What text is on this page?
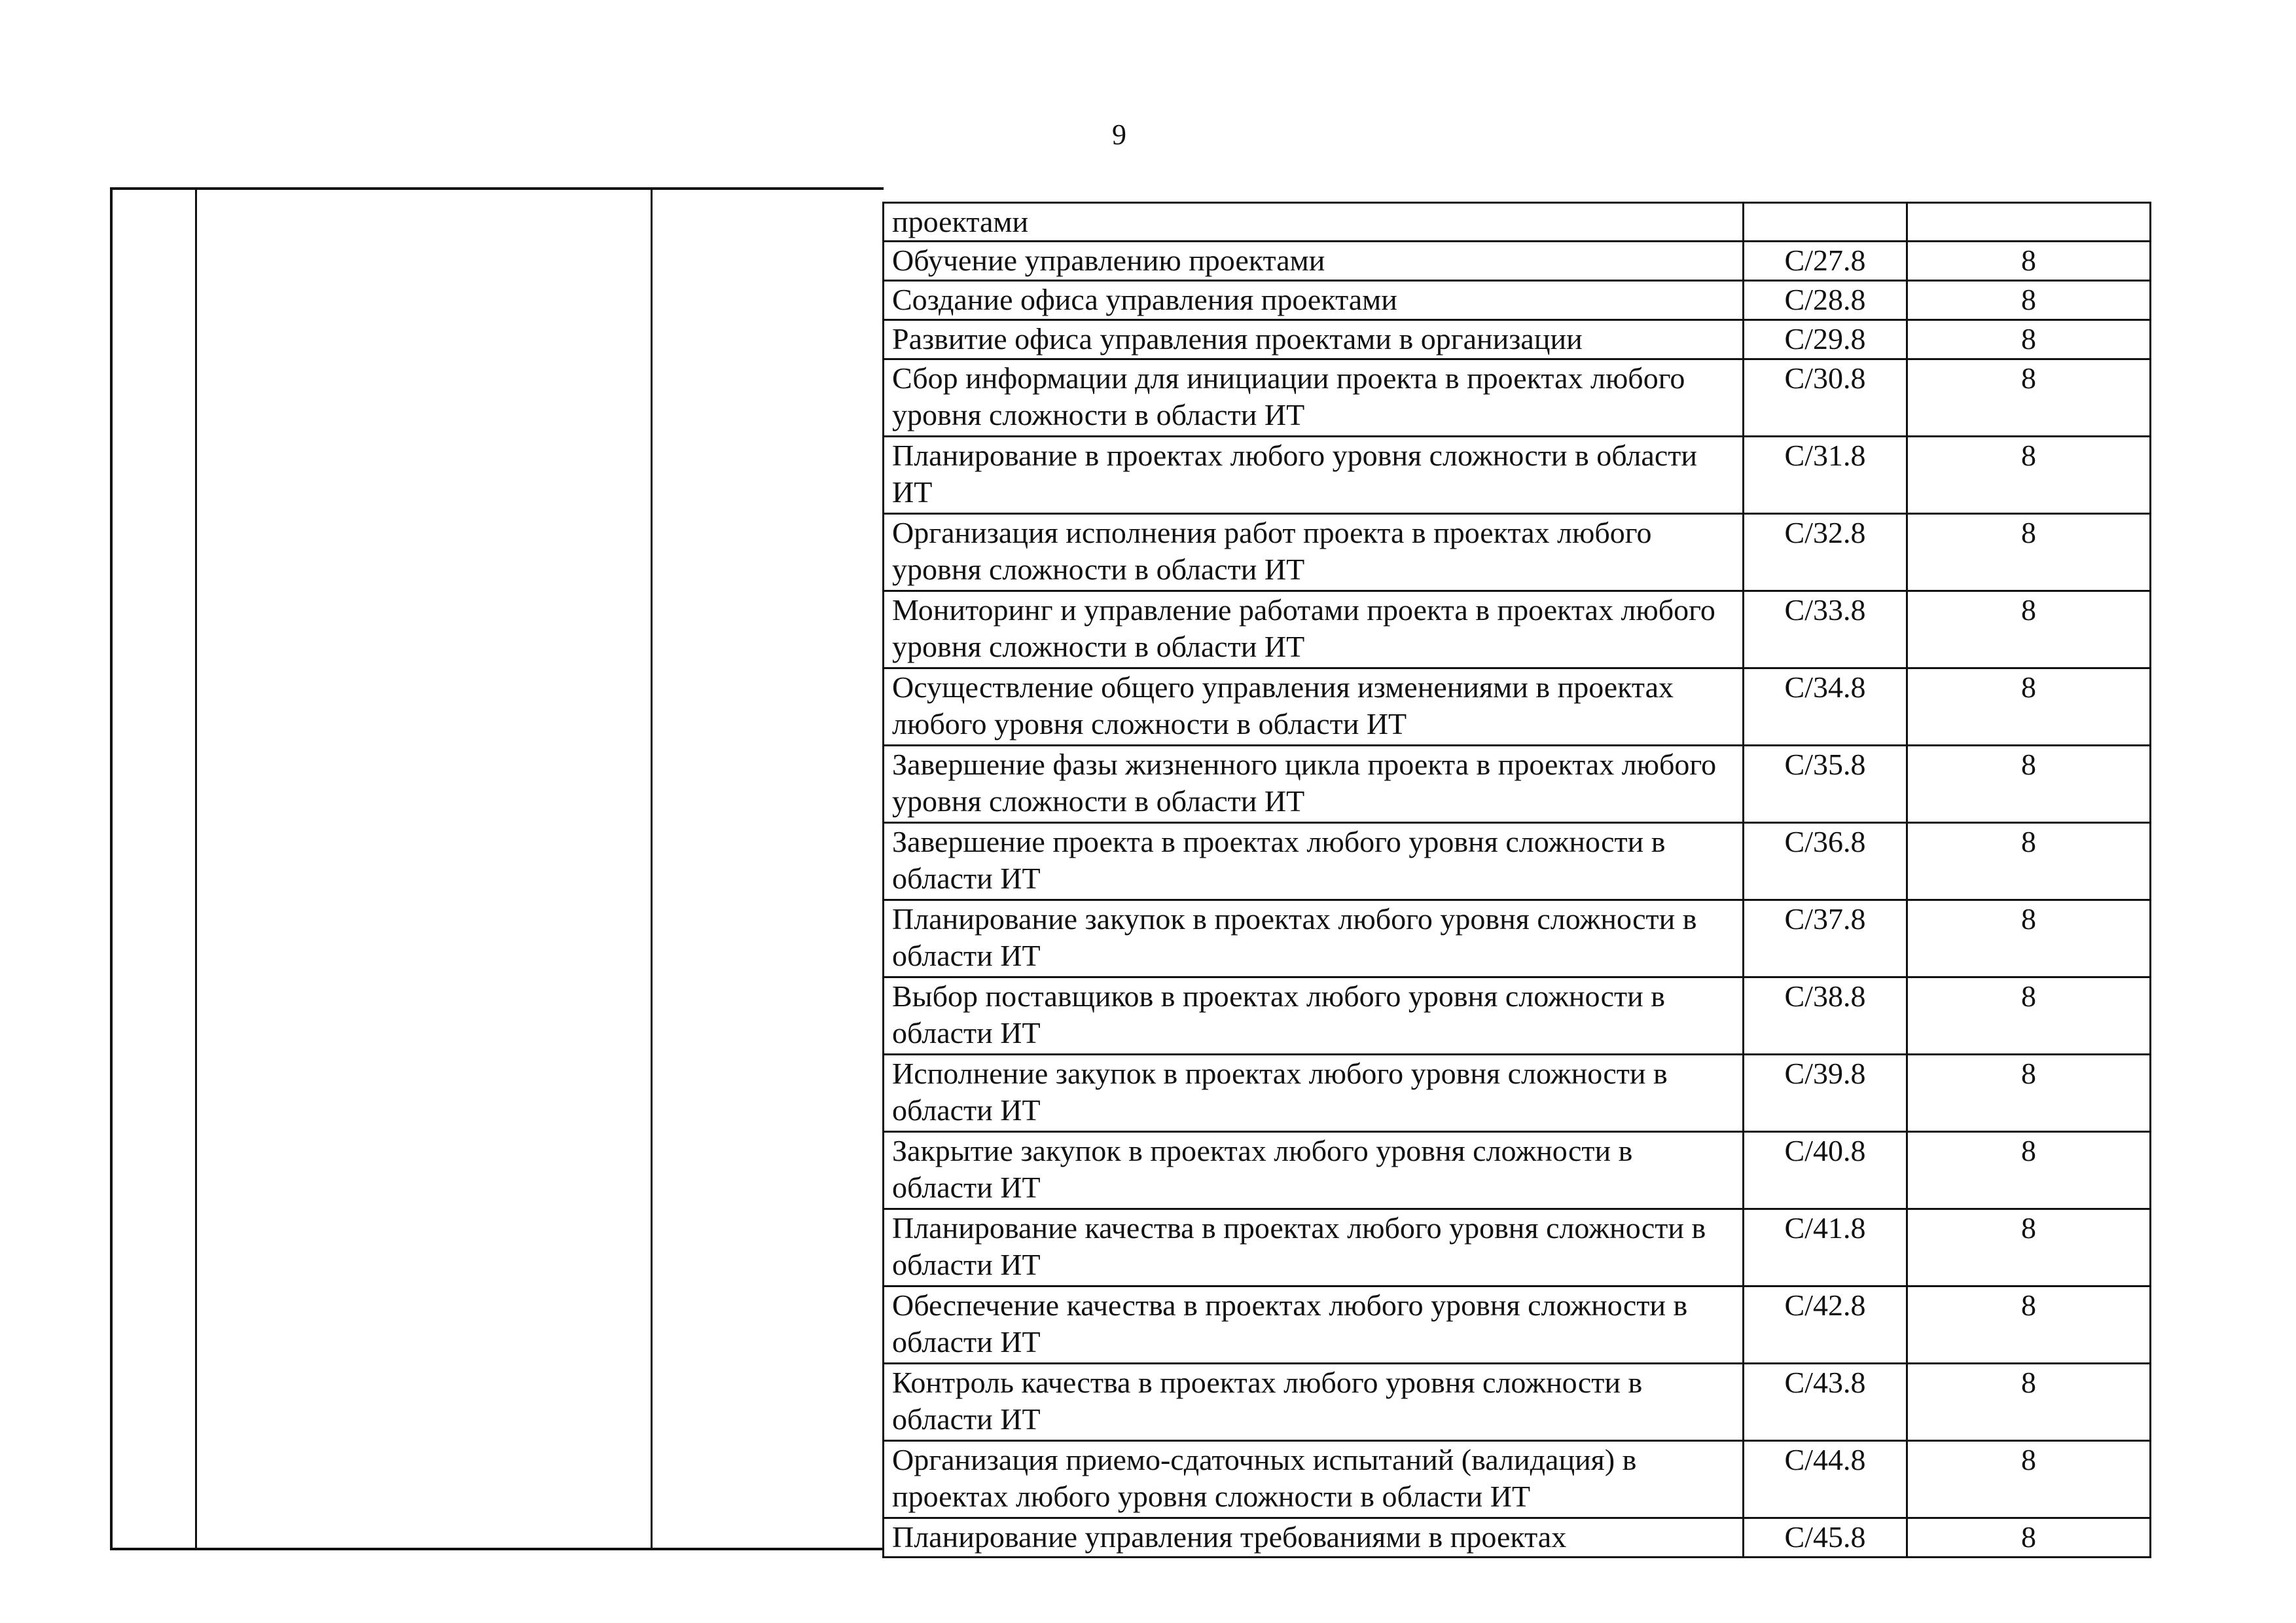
9
проектами		
Обучение управлению проектами	С/27.8	8
Создание офиса управления проектами	С/28.8	8
Развитие офиса управления проектами в организации	С/29.8	8
Сбор информации для инициации проекта в проектах любого уровня сложности в области ИТ	С/30.8	8
Планирование в проектах любого уровня сложности в области ИТ	С/31.8	8
Организация исполнения работ проекта в проектах любого уровня сложности в области ИТ	С/32.8	8
Мониторинг и управление работами проекта в проектах любого уровня сложности в области ИТ	С/33.8	8
Осуществление общего управления изменениями в проектах любого уровня сложности в области ИТ	С/34.8	8
Завершение фазы жизненного цикла проекта в проектах любого уровня сложности в области ИТ	С/35.8	8
Завершение проекта в проектах любого уровня сложности в области ИТ	С/36.8	8
Планирование закупок в проектах любого уровня сложности в области ИТ	С/37.8	8
Выбор поставщиков в проектах любого уровня сложности в области ИТ	С/38.8	8
Исполнение закупок в проектах любого уровня сложности в области ИТ	С/39.8	8
Закрытие закупок в проектах любого уровня сложности в области ИТ	С/40.8	8
Планирование качества в проектах любого уровня сложности в области ИТ	С/41.8	8
Обеспечение качества в проектах любого уровня сложности в области ИТ	С/42.8	8
Контроль качества в проектах любого уровня сложности в области ИТ	С/43.8	8
Организация приемо-сдаточных испытаний (валидация) в проектах любого уровня сложности в области ИТ	С/44.8	8
Планирование управления требованиями в проектах	С/45.8	8
